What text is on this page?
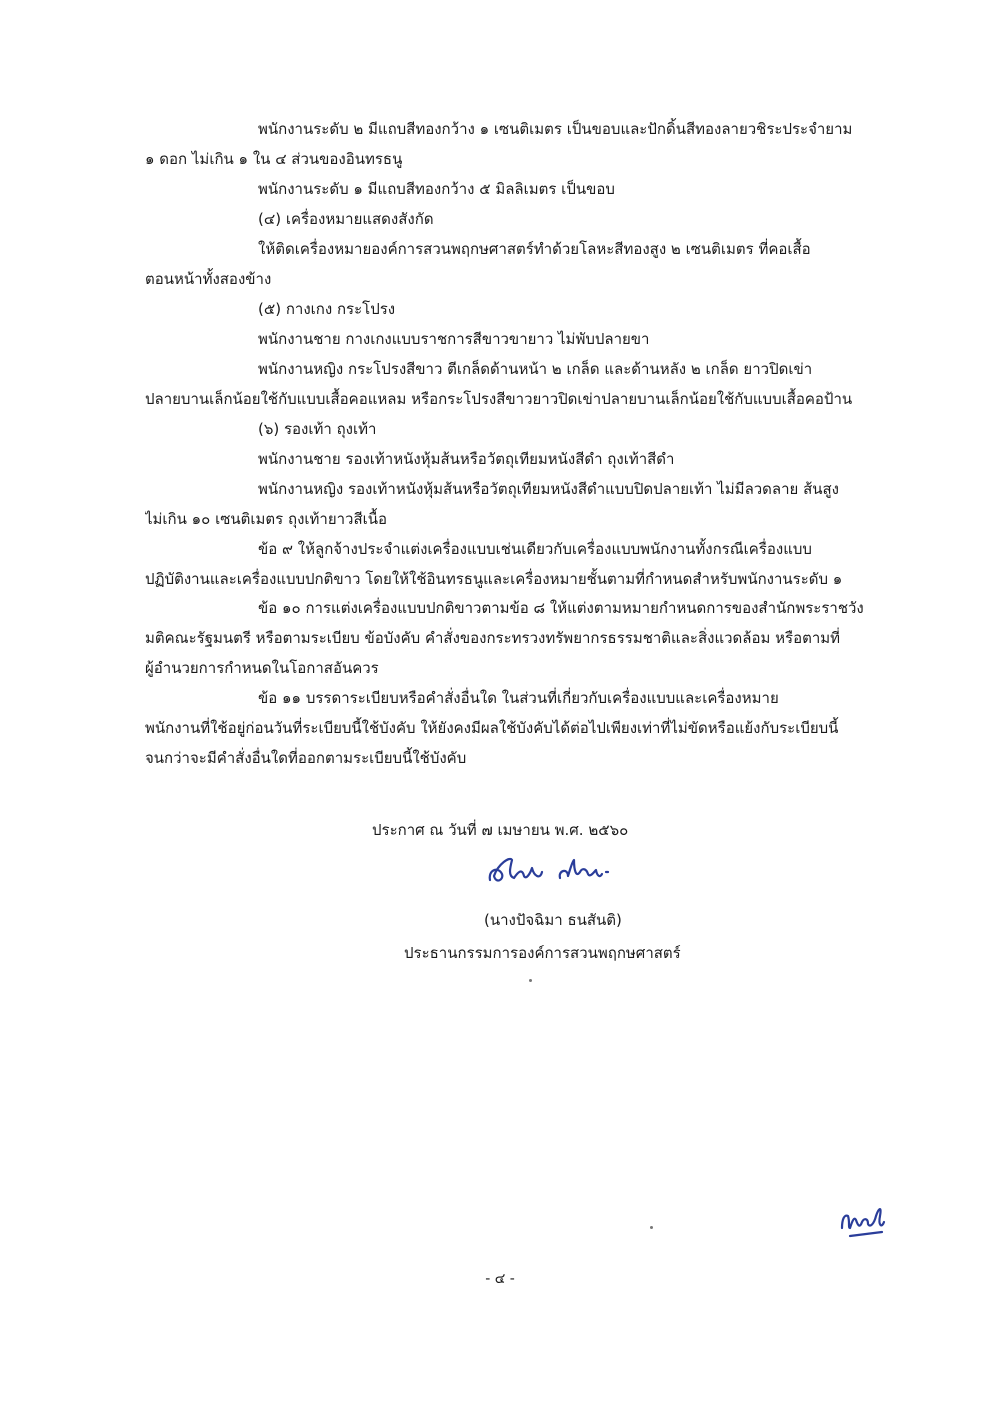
พนักงานระดับ ๒ มีแถบสีทองกว้าง ๑ เซนติเมตร เป็นขอบและปักดิ้นสีทองลายวชิระประจำยาม
๑ ดอก ไม่เกิน ๑ ใน ๔ ส่วนของอินทรธนู
พนักงานระดับ ๑ มีแถบสีทองกว้าง ๕ มิลลิเมตร เป็นขอบ
(๔) เครื่องหมายแสดงสังกัด
ให้ติดเครื่องหมายองค์การสวนพฤกษศาสตร์ทำด้วยโลหะสีทองสูง ๒ เซนติเมตร ที่คอเสื้อ
ตอนหน้าทั้งสองข้าง
(๕) กางเกง กระโปรง
พนักงานชาย กางเกงแบบราชการสีขาวขายาว ไม่พับปลายขา
พนักงานหญิง กระโปรงสีขาว ตีเกล็ดด้านหน้า ๒ เกล็ด และด้านหลัง ๒ เกล็ด ยาวปิดเข่า
ปลายบานเล็กน้อยใช้กับแบบเสื้อคอแหลม หรือกระโปรงสีขาวยาวปิดเข่าปลายบานเล็กน้อยใช้กับแบบเสื้อคอป้าน
(๖) รองเท้า ถุงเท้า
พนักงานชาย รองเท้าหนังหุ้มส้นหรือวัตถุเทียมหนังสีดำ ถุงเท้าสีดำ
พนักงานหญิง รองเท้าหนังหุ้มส้นหรือวัตถุเทียมหนังสีดำแบบปิดปลายเท้า ไม่มีลวดลาย ส้นสูง
ไม่เกิน ๑๐ เซนติเมตร ถุงเท้ายาวสีเนื้อ
ข้อ ๙ ให้ลูกจ้างประจำแต่งเครื่องแบบเช่นเดียวกับเครื่องแบบพนักงานทั้งกรณีเครื่องแบบ
ปฏิบัติงานและเครื่องแบบปกติขาว โดยให้ใช้อินทรธนูและเครื่องหมายชั้นตามที่กำหนดสำหรับพนักงานระดับ ๑
ข้อ ๑๐ การแต่งเครื่องแบบปกติขาวตามข้อ ๘ ให้แต่งตามหมายกำหนดการของสำนักพระราชวัง
มติคณะรัฐมนตรี หรือตามระเบียบ ข้อบังคับ คำสั่งของกระทรวงทรัพยากรธรรมชาติและสิ่งแวดล้อม หรือตามที่
ผู้อำนวยการกำหนดในโอกาสอันควร
ข้อ ๑๑ บรรดาระเบียบหรือคำสั่งอื่นใด ในส่วนที่เกี่ยวกับเครื่องแบบและเครื่องหมาย
พนักงานที่ใช้อยู่ก่อนวันที่ระเบียบนี้ใช้บังคับ ให้ยังคงมีผลใช้บังคับได้ต่อไปเพียงเท่าที่ไม่ขัดหรือแย้งกับระเบียบนี้
จนกว่าจะมีคำสั่งอื่นใดที่ออกตามระเบียบนี้ใช้บังคับ
ประกาศ ณ วันที่ ๗ เมษายน พ.ศ. ๒๕๖๐
(นางปัจฉิมา ธนสันติ)
ประธานกรรมการองค์การสวนพฤกษศาสตร์
- ๔ -
